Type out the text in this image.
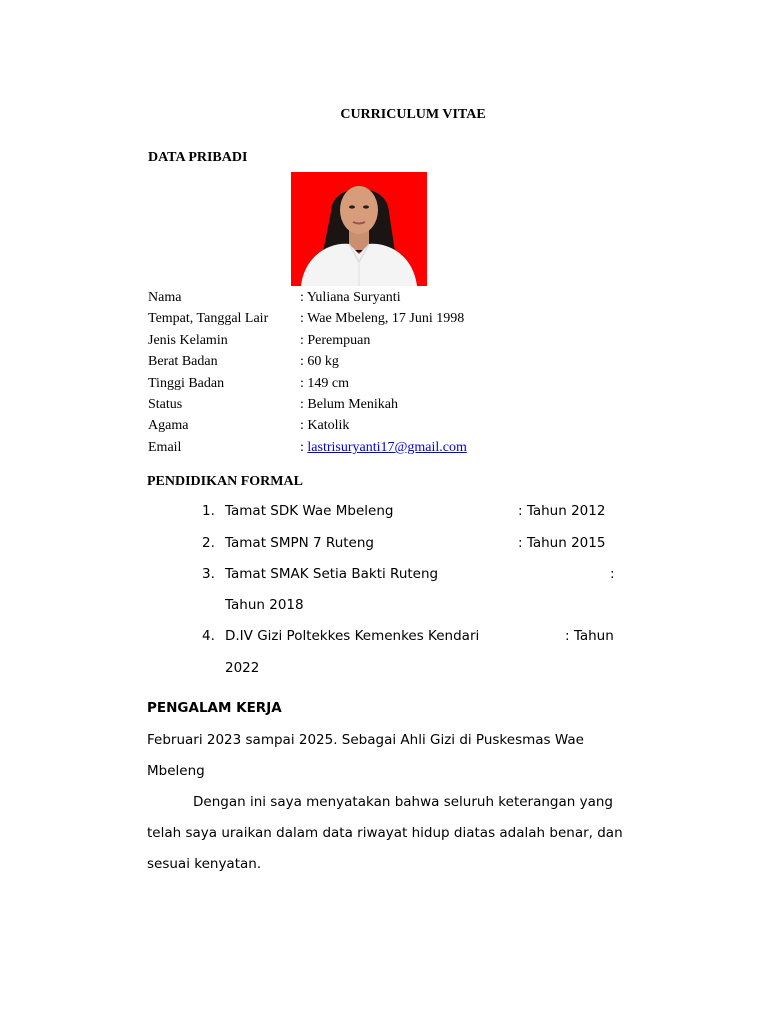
CURRICULUM VITAE
DATA PRIBADI
Nama	: Yuliana Suryanti
Tempat, Tanggal Lair : Wae Mbeleng, 17 Juni 1998
Jenis Kelamin	: Perempuan
Berat Badan	: 60 kg
Tinggi Badan	: 149 cm
Status	: Belum Menikah
Agama	: Katolik
Email	: lastrisuryanti17@gmail.com
PENDIDIKAN FORMAL
1. Tamat SDK Wae Mbeleng	: Tahun 2012
2. Tamat SMPN 7 Ruteng	: Tahun 2015
3. Tamat SMAK Setia Bakti Ruteng	:
Tahun 2018
4. D.IV Gizi Poltekkes Kemenkes Kendari	: Tahun
2022
PENGALAM KERJA
Februari 2023 sampai 2025. Sebagai Ahli Gizi di Puskesmas Wae
Mbeleng
Dengan ini saya menyatakan bahwa seluruh keterangan yang
telah saya uraikan dalam data riwayat hidup diatas adalah benar, dan
sesuai kenyatan.
